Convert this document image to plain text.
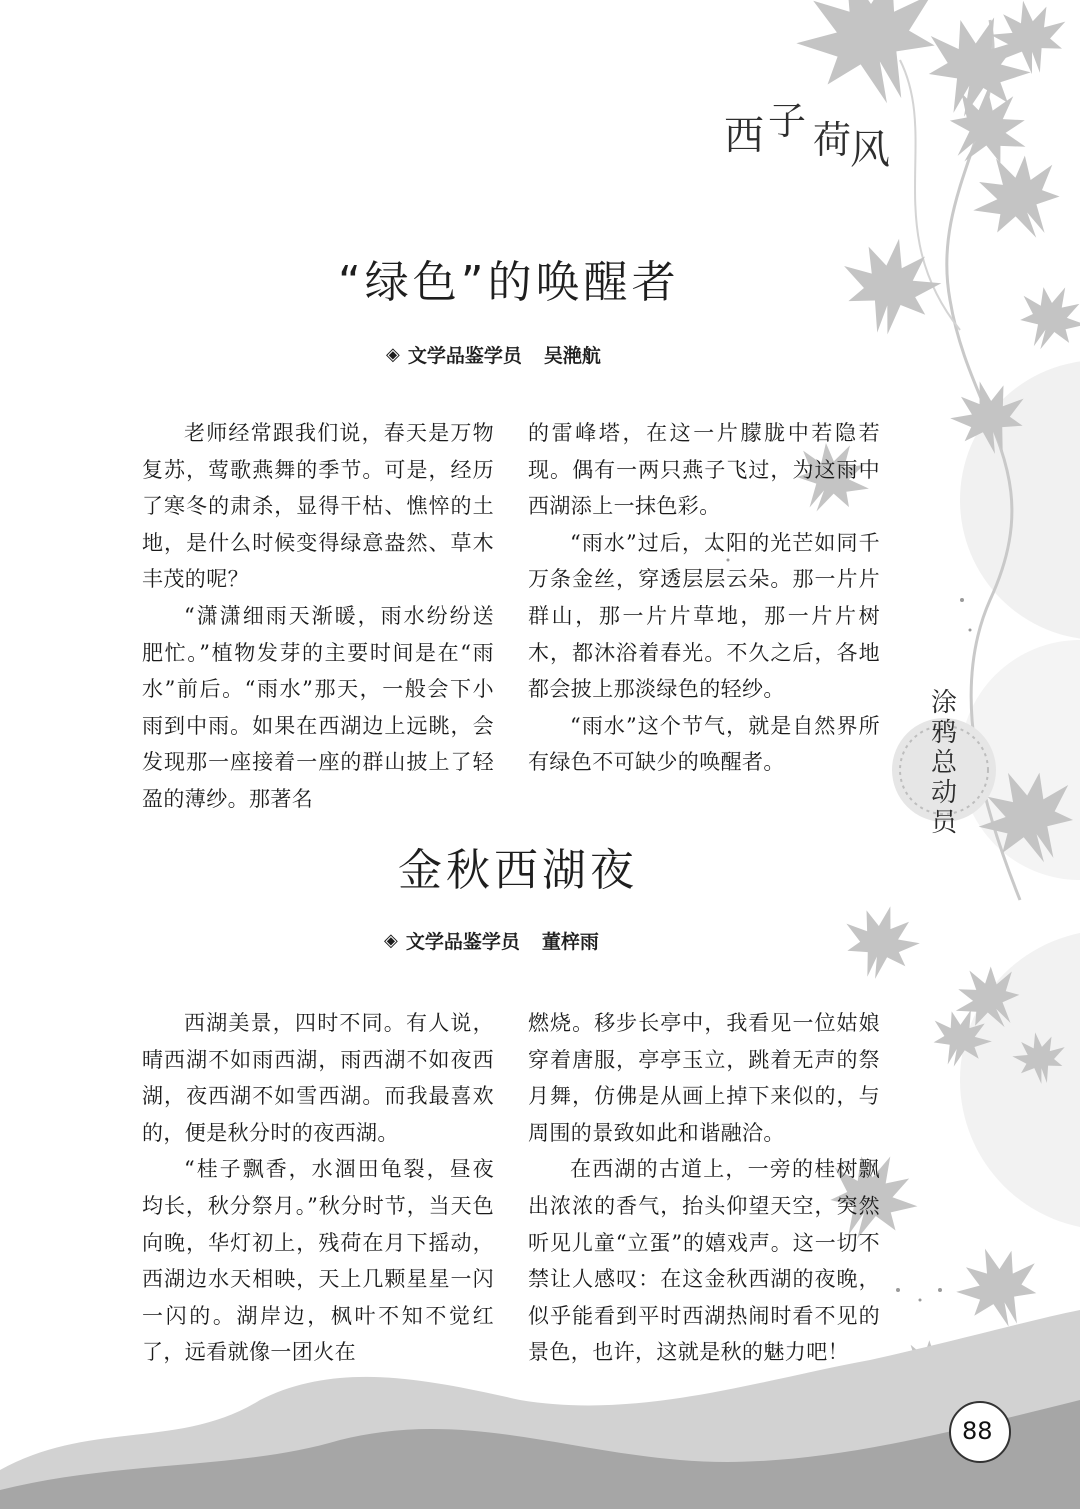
西 子 荷
风
“绿色”的唤醒者
◈ 文学品鉴学员 吴滟航

老师经常跟我们说，春天是万物复苏，莺歌燕舞的季节。可是，经历了寒冬的肃杀，显得干枯、憔悴的土地，是什么时候变得绿意盎然、草木丰茂的呢？

“潇潇细雨天渐暖，雨水纷纷送肥忙。”植物发芽的主要时间是在“雨水”前后。“雨水”那天，一般会下小雨到中雨。如果在西湖边上远眺，会发现那一座接着一座的群山披上了轻盈的薄纱。那著名

的雷峰塔，在这一片朦胧中若隐若现。偶有一两只燕子飞过，为这雨中西湖添上一抹色彩。

“雨水”过后，太阳的光芒如同千万条金丝，穿透层层云朵。那一片片群山，那一片片草地，那一片片树木，都沐浴着春光。不久之后，各地都会披上那淡绿色的轻纱。

“雨水”这个节气，就是自然界所有绿色不可缺少的唤醒者。

涂
鸦
总
动
员
金秋西湖夜
◈ 文学品鉴学员 董梓雨

西湖美景，四时不同。有人说，晴西湖不如雨西湖，雨西湖不如夜西湖，夜西湖不如雪西湖。而我最喜欢的，便是秋分时的夜西湖。

“桂子飘香，水涸田龟裂，昼夜均长，秋分祭月。”秋分时节，当天色向晚，华灯初上，残荷在月下摇动，西湖边水天相映，天上几颗星星一闪一闪的。湖岸边，枫叶不知不觉红了，远看就像一团火在

燃烧。移步长亭中，我看见一位姑娘穿着唐服，亭亭玉立，跳着无声的祭月舞，仿佛是从画上掉下来似的，与周围的景致如此和谐融洽。

在西湖的古道上，一旁的桂树飘出浓浓的香气，抬头仰望天空，突然听见儿童“立蛋”的嬉戏声。这一切不禁让人感叹：在这金秋西湖的夜晚，似乎能看到平时西湖热闹时看不见的景色，也许，这就是秋的魅力吧！

88
